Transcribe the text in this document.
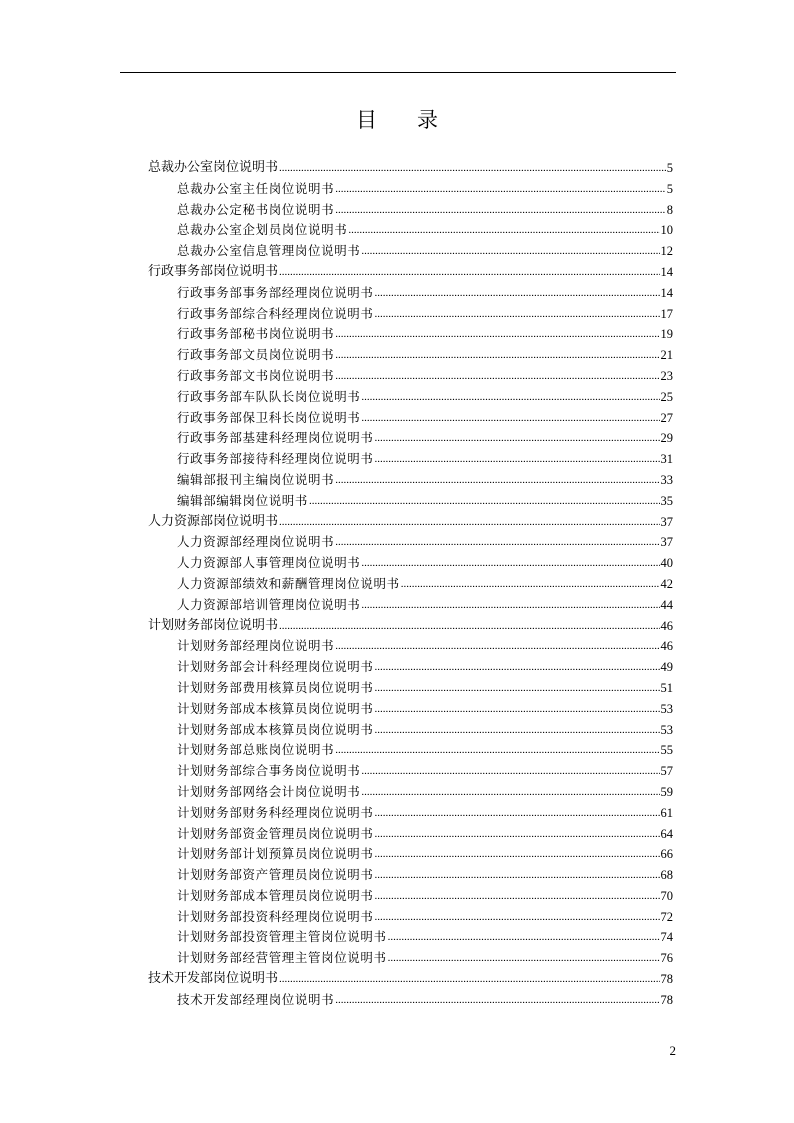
目 录
总裁办公室岗位说明书 .....	5
总裁办公室主任岗位说明书 .....	5
总裁办公定秘书岗位说明书 .....	8
总裁办公室企划员岗位说明书 .....	10
总裁办公室信息管理岗位说明书 .....	12
行政事务部岗位说明书 .....	14
行政事务部事务部经理岗位说明书 .....	14
行政事务部综合科经理岗位说明书 .....	17
行政事务部秘书岗位说明书 .....	19
行政事务部文员岗位说明书 .....	21
行政事务部文书岗位说明书 .....	23
行政事务部车队队长岗位说明书 .....	25
行政事务部保卫科长岗位说明书 .....	27
行政事务部基建科经理岗位说明书 .....	29
行政事务部接待科经理岗位说明书 .....	31
编辑部报刊主编岗位说明书 .....	33
编辑部编辑岗位说明书 .....	35
人力资源部岗位说明书 .....	37
人力资源部经理岗位说明书 .....	37
人力资源部人事管理岗位说明书 .....	40
人力资源部绩效和薪酬管理岗位说明书 .....	42
人力资源部培训管理岗位说明书 .....	44
计划财务部岗位说明书 .....	46
计划财务部经理岗位说明书 .....	46
计划财务部会计科经理岗位说明书 .....	49
计划财务部费用核算员岗位说明书 .....	51
计划财务部成本核算员岗位说明书 .....	53
计划财务部成本核算员岗位说明书 .....	53
计划财务部总账岗位说明书 .....	55
计划财务部综合事务岗位说明书 .....	57
计划财务部网络会计岗位说明书 .....	59
计划财务部财务科经理岗位说明书 .....	61
计划财务部资金管理员岗位说明书 .....	64
计划财务部计划预算员岗位说明书 .....	66
计划财务部资产管理员岗位说明书 .....	68
计划财务部成本管理员岗位说明书 .....	70
计划财务部投资科经理岗位说明书 .....	72
计划财务部投资管理主管岗位说明书 .....	74
计划财务部经营管理主管岗位说明书 .....	76
技术开发部岗位说明书 .....	78
技术开发部经理岗位说明书 .....	78
2
